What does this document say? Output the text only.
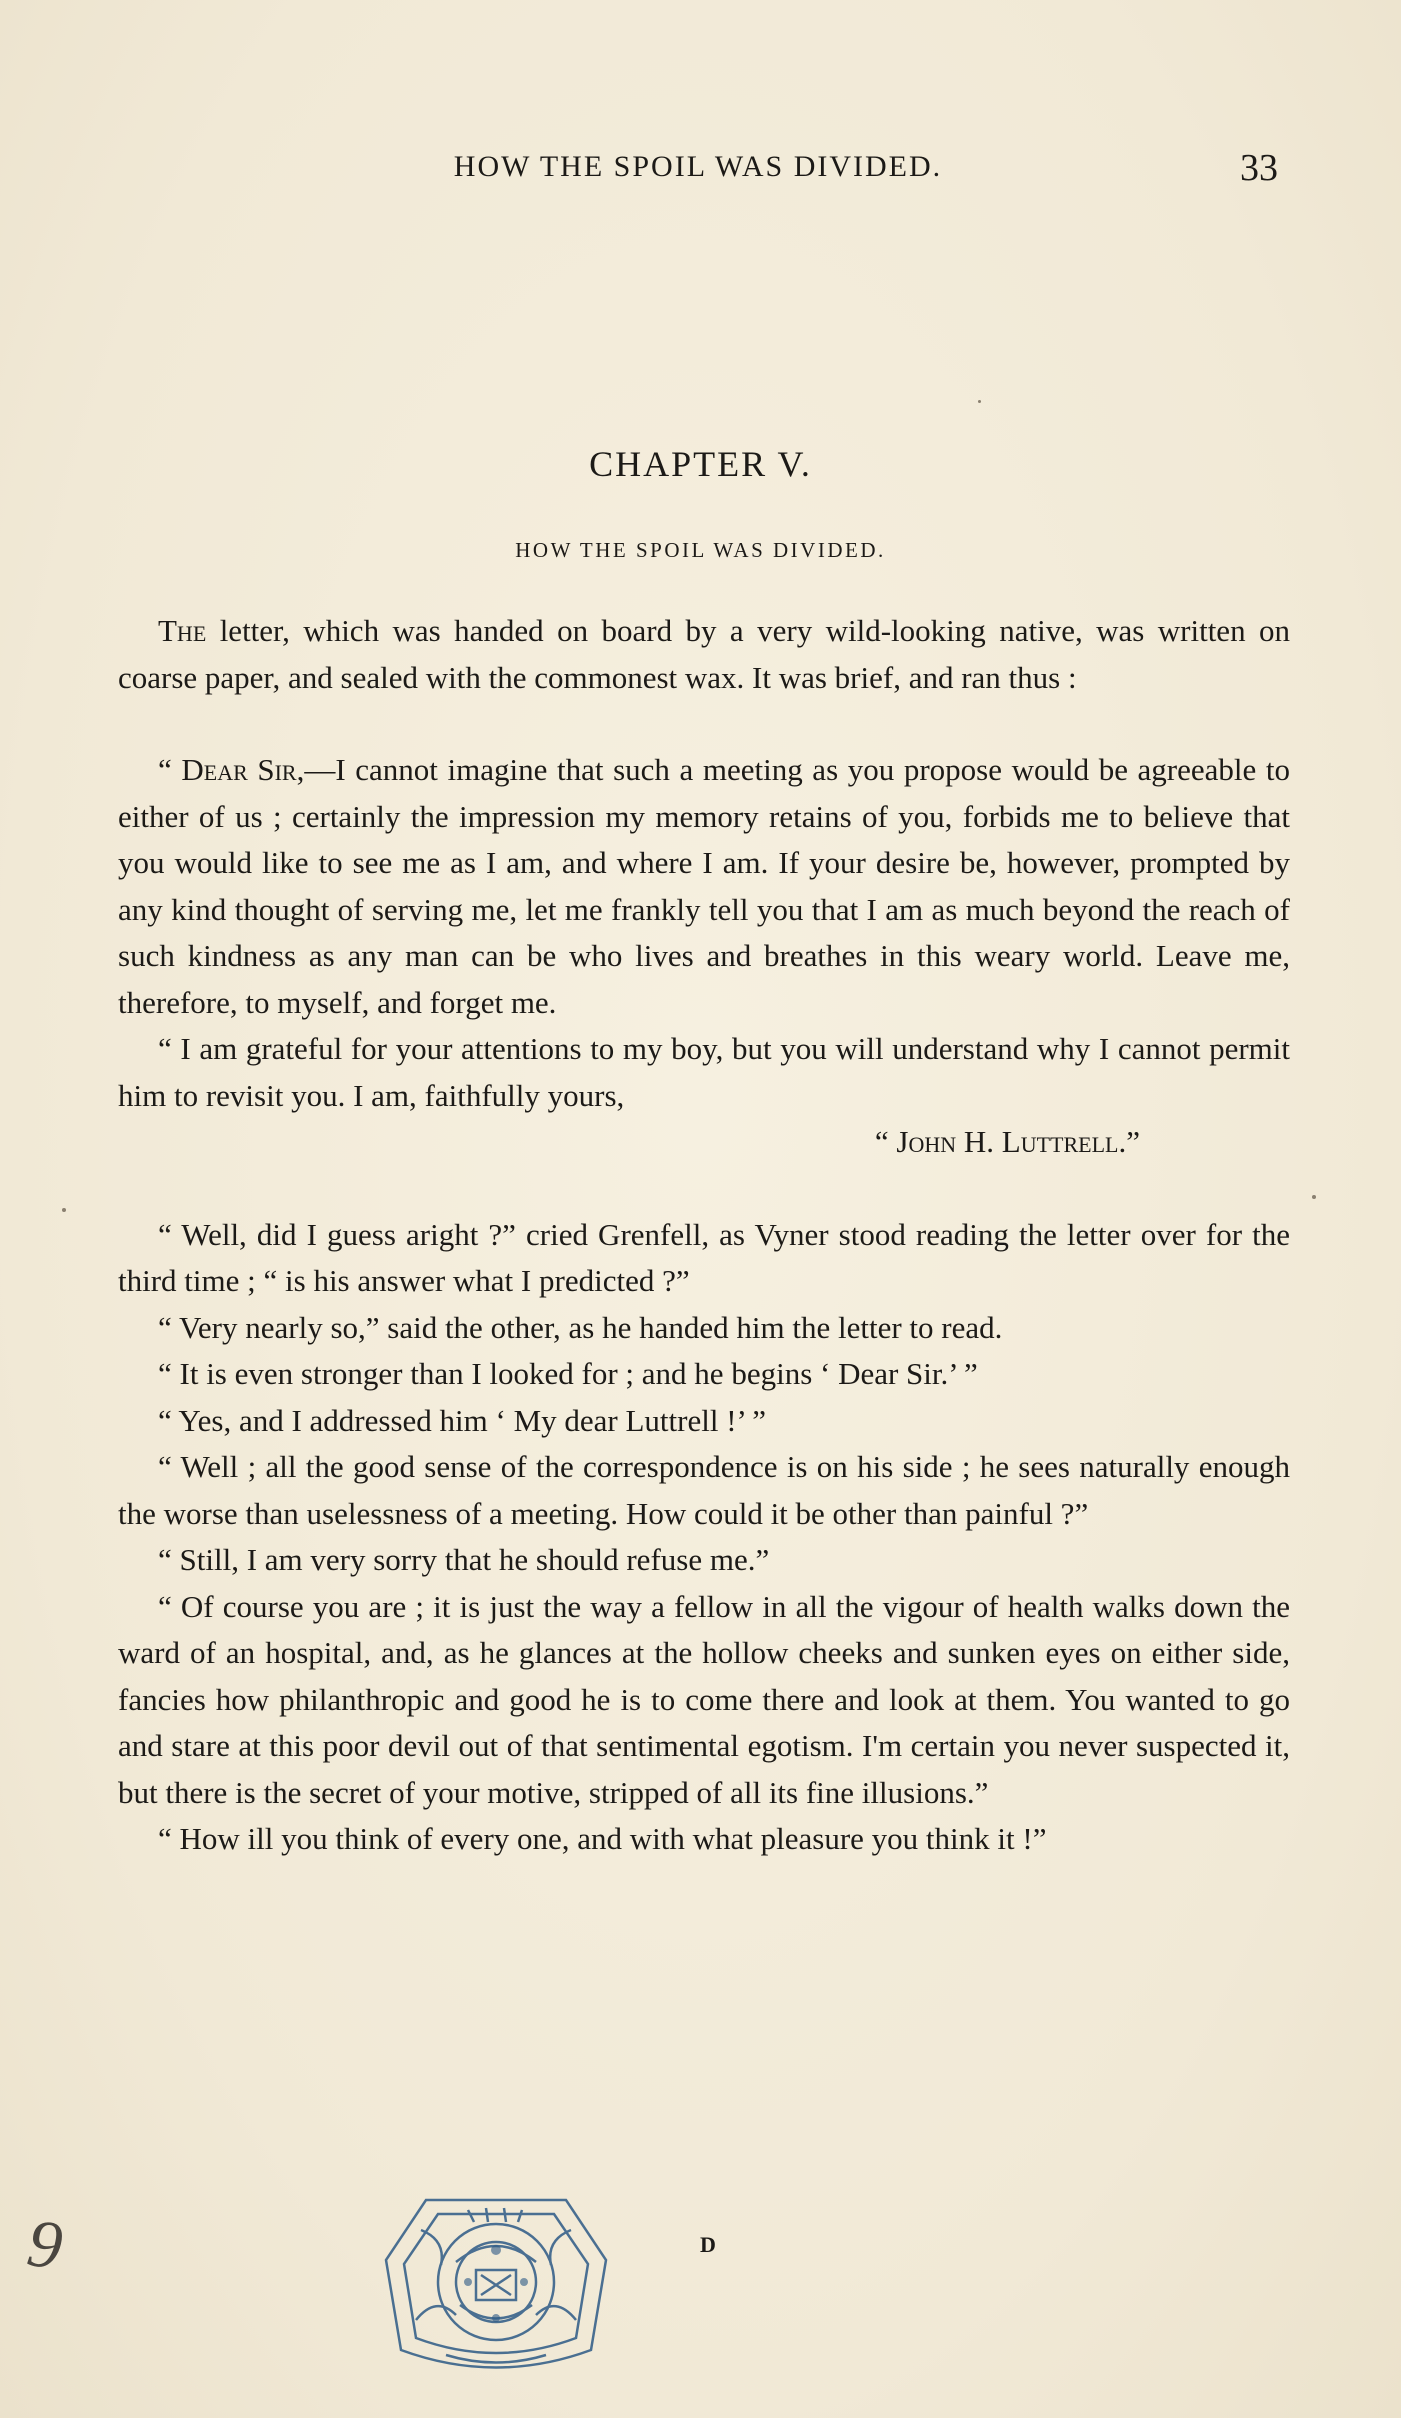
HOW THE SPOIL WAS DIVIDED.	33
CHAPTER V.
HOW THE SPOIL WAS DIVIDED.

The letter, which was handed on board by a very wild-looking native, was written on coarse paper, and sealed with the commonest wax. It was brief, and ran thus :

“ Dear Sir,—I cannot imagine that such a meeting as you propose would be agreeable to either of us ; certainly the impression my memory retains of you, forbids me to believe that you would like to see me as I am, and where I am. If your desire be, however, prompted by any kind thought of serving me, let me frankly tell you that I am as much beyond the reach of such kindness as any man can be who lives and breathes in this weary world. Leave me, therefore, to myself, and forget me.

“ I am grateful for your attentions to my boy, but you will understand why I cannot permit him to revisit you. I am, faithfully yours,

“ John H. Luttrell.”

“ Well, did I guess aright ?” cried Grenfell, as Vyner stood reading the letter over for the third time ; “ is his answer what I predicted ?”

“ Very nearly so,” said the other, as he handed him the letter to read.

“ It is even stronger than I looked for ; and he begins ‘ Dear Sir.’ ”

“ Yes, and I addressed him ‘ My dear Luttrell !’ ”

“ Well ; all the good sense of the correspondence is on his side ; he sees naturally enough the worse than uselessness of a meeting. How could it be other than painful ?”

“ Still, I am very sorry that he should refuse me.”

“ Of course you are ; it is just the way a fellow in all the vigour of health walks down the ward of an hospital, and, as he glances at the hollow cheeks and sunken eyes on either side, fancies how philanthropic and good he is to come there and look at them. You wanted to go and stare at this poor devil out of that sentimental egotism. I'm certain you never suspected it, but there is the secret of your motive, stripped of all its fine illusions.”

“ How ill you think of every one, and with what pleasure you think it !”

D
9
